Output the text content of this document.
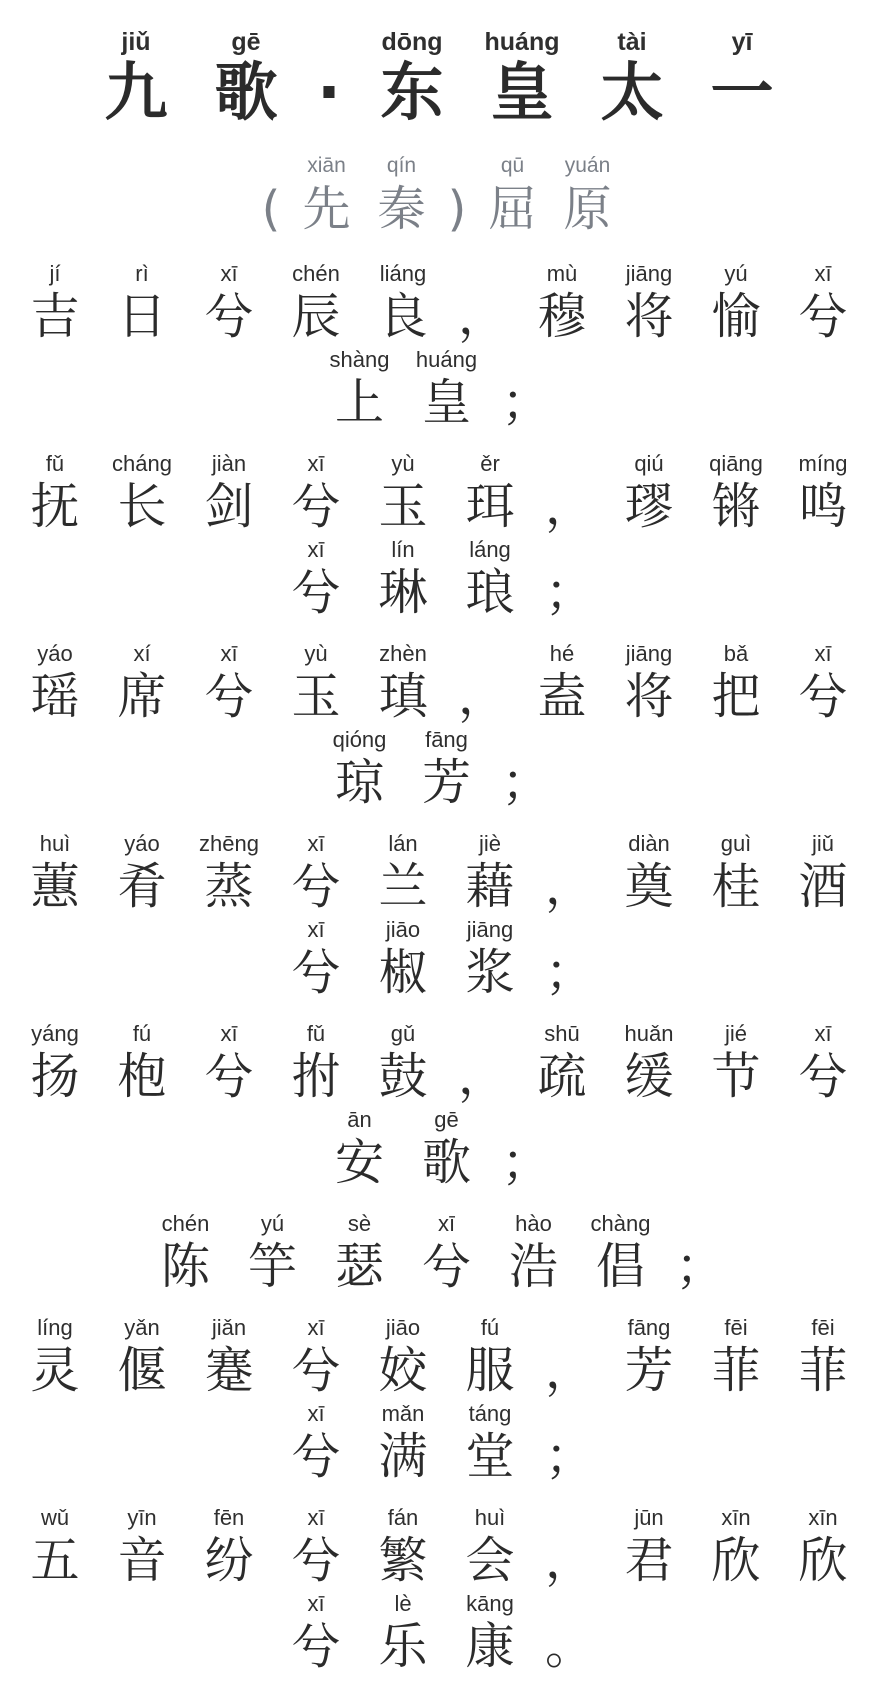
jiǔ
九
gē
歌 ·
dōng
东
huáng
皇
tài
太
yī
一
(
xiān
先
qín
秦 )
qū
屈
yuán
原
jí
吉
rì
日
xī
兮
chén
辰
liáng
良 ，
mù
穆
jiāng
将
yú
愉
xī
兮
shàng
上
huáng
皇 ；
fǔ
抚
cháng
长
jiàn
剑
xī
兮
yù
玉
ěr
珥 ，
qiú
璆
qiāng
锵
míng
鸣
xī
兮
lín
琳
láng
琅 ；
yáo
瑶
xí
席
xī
兮
yù
玉
zhèn
瑱 ，
hé
盍
jiāng
将
bǎ
把
xī
兮
qióng
琼
fāng
芳 ；
huì
蕙
yáo
肴
zhēng
蒸
xī
兮
lán
兰
jiè
藉 ，
diàn
奠
guì
桂
jiǔ
酒
xī
兮
jiāo
椒
jiāng
浆 ；
yáng
扬
fú
枹
xī
兮
fǔ
拊
gǔ
鼓 ，
shū
疏
huǎn
缓
jié
节
xī
兮
ān
安
gē
歌 ；
chén
陈
yú
竽
sè
瑟
xī
兮
hào
浩
chàng
倡 ；
líng
灵
yǎn
偃
jiǎn
蹇
xī
兮
jiāo
姣
fú
服 ，
fāng
芳
fēi
菲
fēi
菲
xī
兮
mǎn
满
táng
堂 ；
wǔ
五
yīn
音
fēn
纷
xī
兮
fán
繁
huì
会 ，
jūn
君
xīn
欣
xīn
欣
xī
兮
lè
乐
kāng
康 。
